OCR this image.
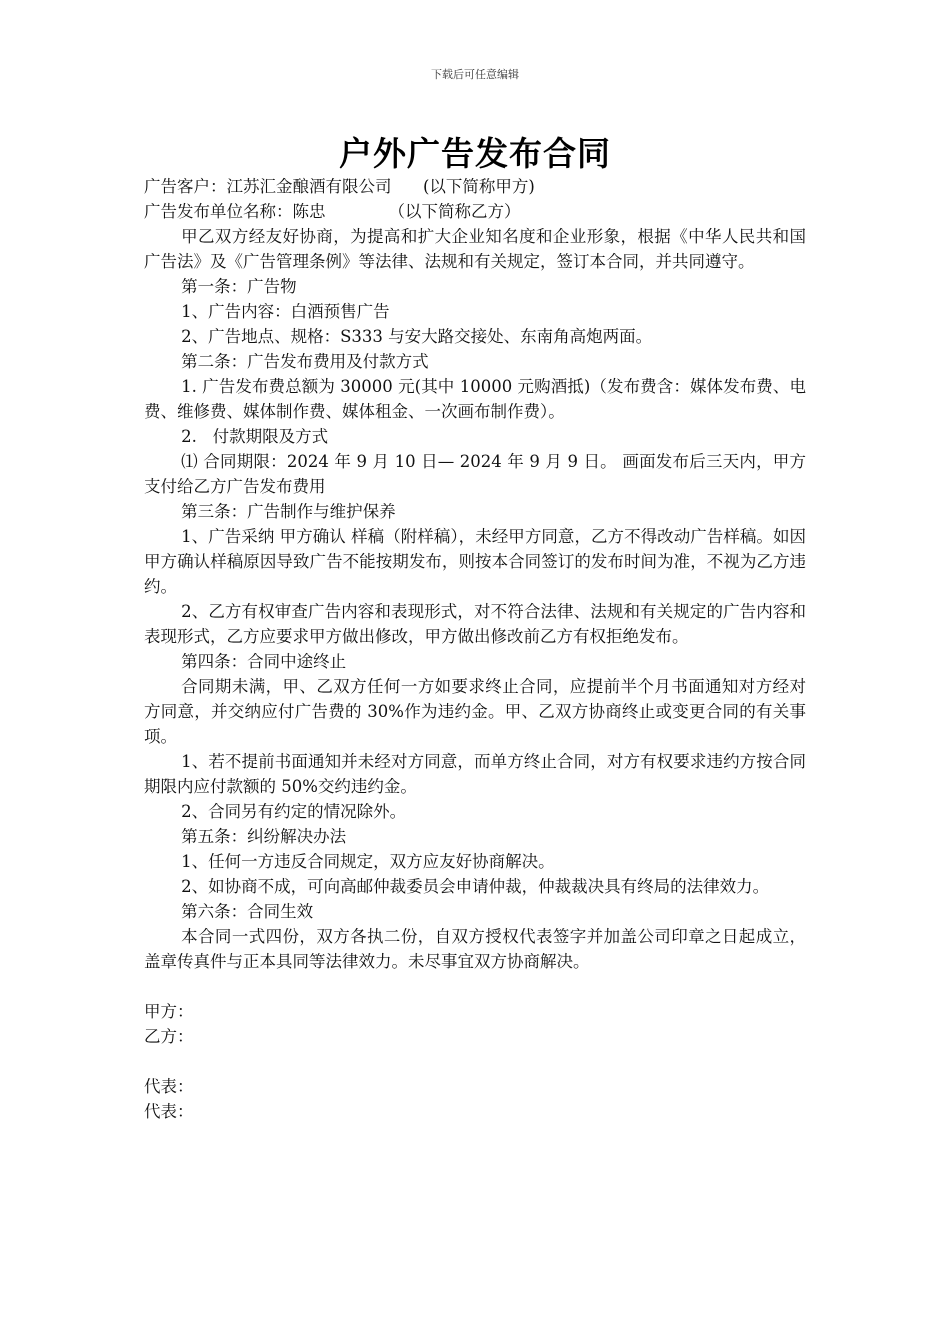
下载后可任意编辑
户外广告发布合同

广告客户：江苏汇金酿酒有限公司      (以下简称甲方)

广告发布单位名称：陈忠            （以下简称乙方）

甲乙双方经友好协商，为提高和扩大企业知名度和企业形象，根据《中华人民共和国广告法》及《广告管理条例》等法律、法规和有关规定，签订本合同，并共同遵守。

第一条：广告物

1、广告内容：白酒预售广告

2、广告地点、规格：S333 与安大路交接处、东南角高炮两面。

第二条：广告发布费用及付款方式

1. 广告发布费总额为 30000 元(其中 10000 元购酒抵)（发布费含：媒体发布费、电费、维修费、媒体制作费、媒体租金、一次画布制作费）。

2.   付款期限及方式

⑴ 合同期限：2024 年 9 月 10 日— 2024 年 9 月 9 日。 画面发布后三天内，甲方支付给乙方广告发布费用

第三条：广告制作与维护保养

1、广告采纳 甲方确认 样稿（附样稿），未经甲方同意，乙方不得改动广告样稿。如因甲方确认样稿原因导致广告不能按期发布，则按本合同签订的发布时间为准，不视为乙方违约。

2、乙方有权审查广告内容和表现形式，对不符合法律、法规和有关规定的广告内容和表现形式，乙方应要求甲方做出修改，甲方做出修改前乙方有权拒绝发布。

第四条：合同中途终止

合同期未满，甲、乙双方任何一方如要求终止合同，应提前半个月书面通知对方经对方同意，并交纳应付广告费的 30%作为违约金。甲、乙双方协商终止或变更合同的有关事项。

1、若不提前书面通知并未经对方同意，而单方终止合同，对方有权要求违约方按合同期限内应付款额的 50%交约违约金。

2、合同另有约定的情况除外。

第五条：纠纷解决办法

1、任何一方违反合同规定，双方应友好协商解决。

2、如协商不成，可向高邮仲裁委员会申请仲裁，仲裁裁决具有终局的法律效力。

第六条：合同生效

本合同一式四份，双方各执二份，自双方授权代表签字并加盖公司印章之日起成立，盖章传真件与正本具同等法律效力。未尽事宜双方协商解决。

甲方：

乙方：

代表：

代表：
